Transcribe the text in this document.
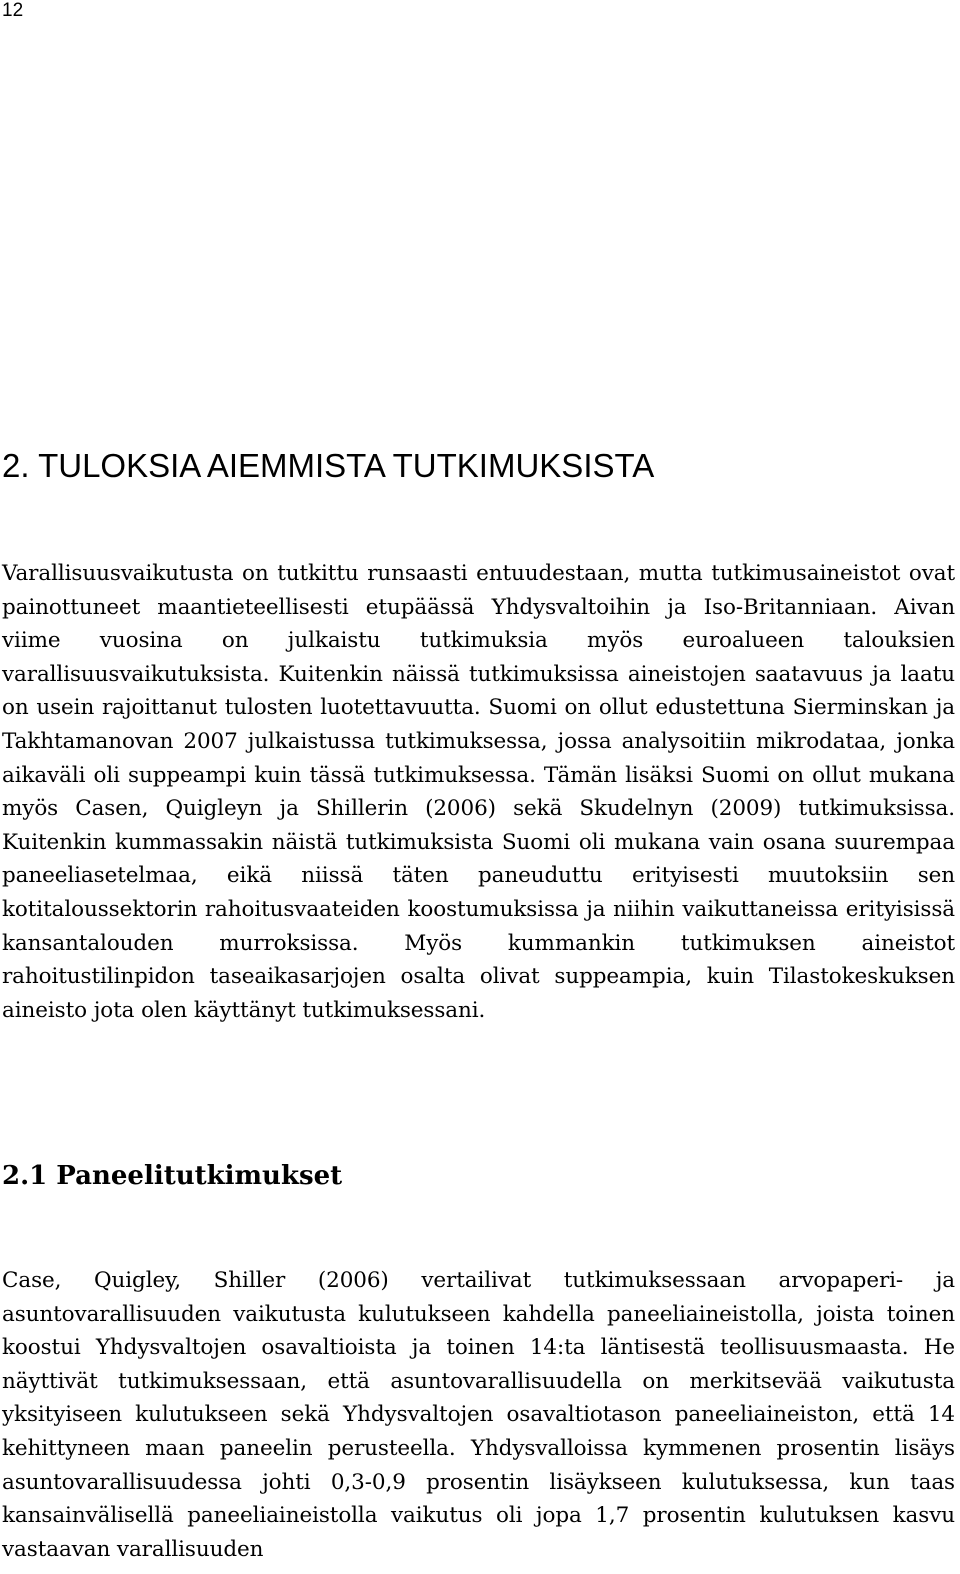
12
2. TULOKSIA AIEMMISTA TUTKIMUKSISTA

Varallisuusvaikutusta on tutkittu runsaasti entuudestaan, mutta tutkimusaineistot ovat painottuneet maantieteellisesti etupäässä Yhdysvaltoihin ja Iso-Britanniaan. Aivan viime vuosina on julkaistu tutkimuksia myös euroalueen talouksien varallisuusvaikutuksista. Kuitenkin näissä tutkimuksissa aineistojen saatavuus ja laatu on usein rajoittanut tulosten luotettavuutta. Suomi on ollut edustettuna Sierminskan ja Takhtamanovan 2007 julkaistussa tutkimuksessa, jossa analysoitiin mikrodataa, jonka aikaväli oli suppeampi kuin tässä tutkimuksessa. Tämän lisäksi Suomi on ollut mukana myös Casen, Quigleyn ja Shillerin (2006) sekä Skudelnyn (2009) tutkimuksissa. Kuitenkin kummassakin näistä tutkimuksista Suomi oli mukana vain osana suurempaa paneeliasetelmaa, eikä niissä täten paneuduttu erityisesti muutoksiin sen kotitaloussektorin rahoitusvaateiden koostumuksissa ja niihin vaikuttaneissa erityisissä kansantalouden murroksissa. Myös kummankin tutkimuksen aineistot rahoitustilinpidon taseaikasarjojen osalta olivat suppeampia, kuin Tilastokeskuksen aineisto jota olen käyttänyt tutkimuksessani.

2.1 Paneelitutkimukset

Case, Quigley, Shiller (2006) vertailivat tutkimuksessaan arvopaperi- ja asuntovarallisuuden vaikutusta kulutukseen kahdella paneeliaineistolla, joista toinen koostui Yhdysvaltojen osavaltioista ja toinen 14:ta läntisestä teollisuusmaasta. He näyttivät tutkimuksessaan, että asuntovarallisuudella on merkitsevää vaikutusta yksityiseen kulutukseen sekä Yhdysvaltojen osavaltiotason paneeliaineiston, että 14 kehittyneen maan paneelin perusteella. Yhdysvalloissa kymmenen prosentin lisäys asuntovarallisuudessa johti 0,3-0,9 prosentin lisäykseen kulutuksessa, kun taas kansainvälisellä paneeliaineistolla vaikutus oli jopa 1,7 prosentin kulutuksen kasvu vastaavan varallisuuden
